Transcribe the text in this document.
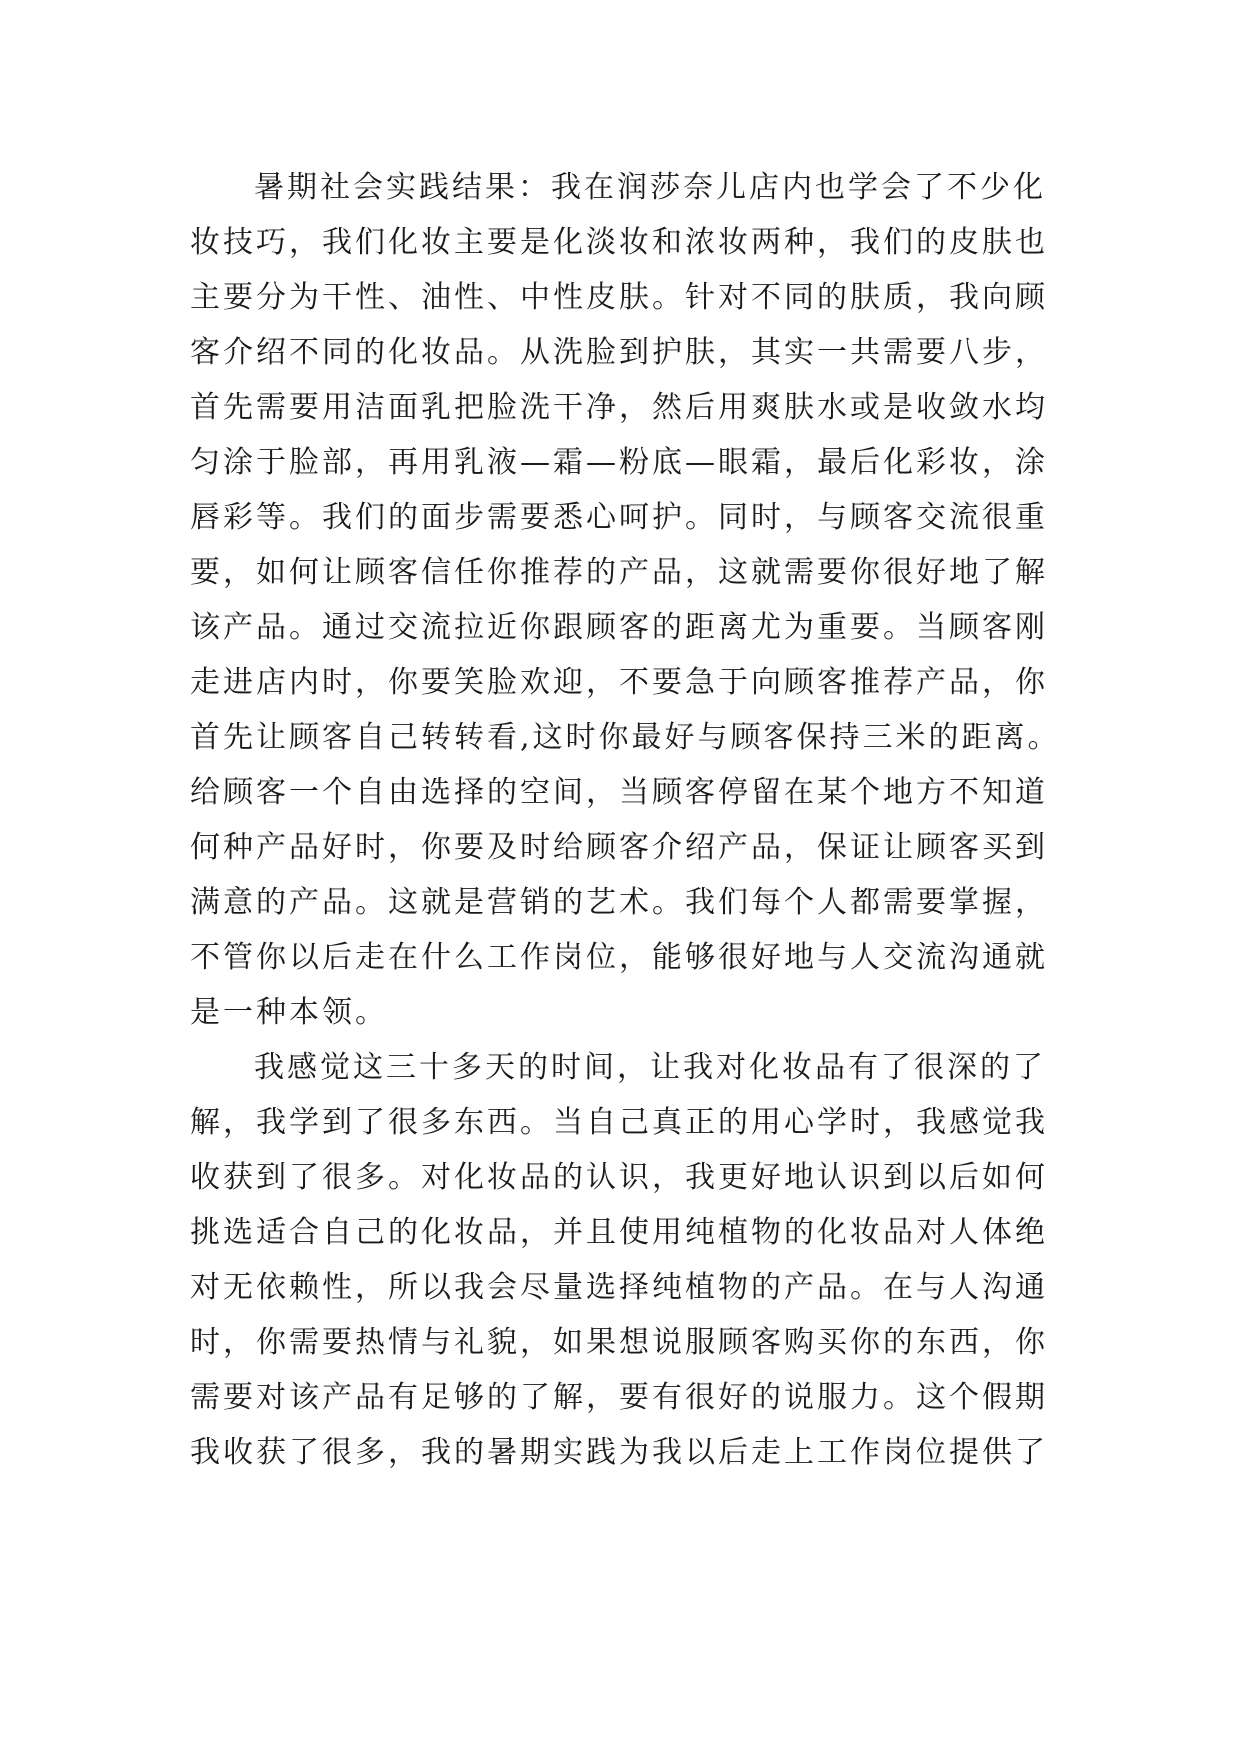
暑期社会实践结果：我在润莎奈儿店内也学会了不少化
妆技巧，我们化妆主要是化淡妆和浓妆两种，我们的皮肤也
主要分为干性、油性、中性皮肤。针对不同的肤质，我向顾
客介绍不同的化妆品。从洗脸到护肤，其实一共需要八步，
首先需要用洁面乳把脸洗干净，然后用爽肤水或是收敛水均
匀涂于脸部，再用乳液—霜—粉底—眼霜，最后化彩妆，涂
唇彩等。我们的面步需要悉心呵护。同时，与顾客交流很重
要，如何让顾客信任你推荐的产品，这就需要你很好地了解
该产品。通过交流拉近你跟顾客的距离尤为重要。当顾客刚
走进店内时，你要笑脸欢迎，不要急于向顾客推荐产品，你
首先让顾客自己转转看,这时你最好与顾客保持三米的距离。
给顾客一个自由选择的空间，当顾客停留在某个地方不知道
何种产品好时，你要及时给顾客介绍产品，保证让顾客买到
满意的产品。这就是营销的艺术。我们每个人都需要掌握，
不管你以后走在什么工作岗位，能够很好地与人交流沟通就
是一种本领。
我感觉这三十多天的时间，让我对化妆品有了很深的了
解，我学到了很多东西。当自己真正的用心学时，我感觉我
收获到了很多。对化妆品的认识，我更好地认识到以后如何
挑选适合自己的化妆品，并且使用纯植物的化妆品对人体绝
对无依赖性，所以我会尽量选择纯植物的产品。在与人沟通
时，你需要热情与礼貌，如果想说服顾客购买你的东西，你
需要对该产品有足够的了解，要有很好的说服力。这个假期
我收获了很多，我的暑期实践为我以后走上工作岗位提供了
